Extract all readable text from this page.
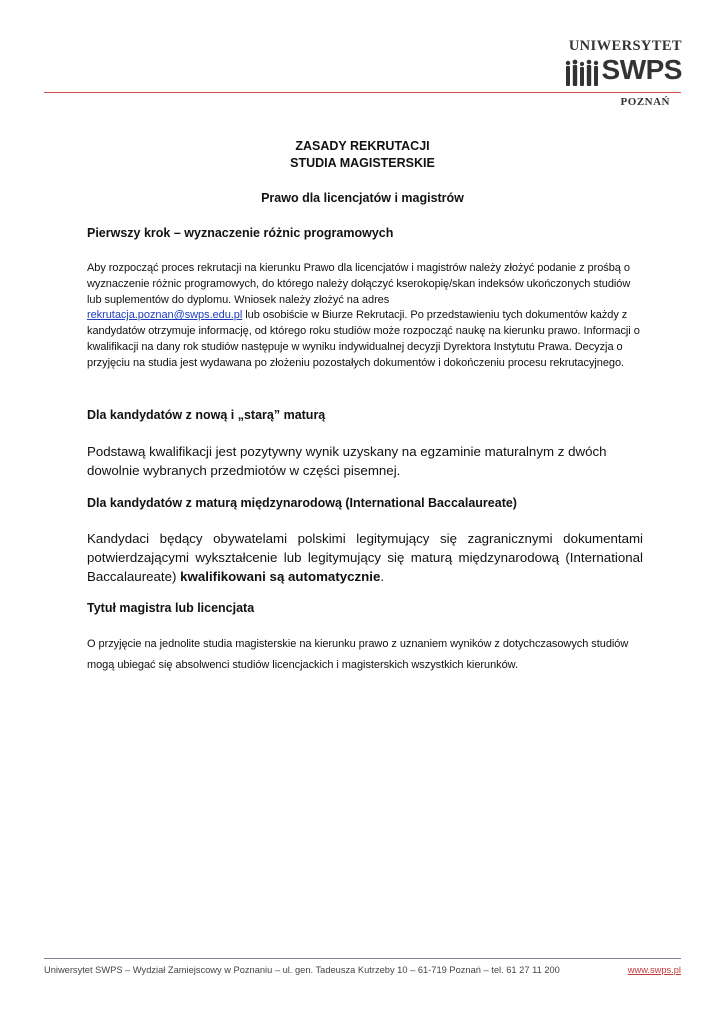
UNIWERSYTET
SWPS
POZNAŃ
ZASADY REKRUTACJI
STUDIA MAGISTERSKIE
Prawo dla licencjatów i magistrów
Pierwszy krok – wyznaczenie różnic programowych
Aby rozpocząć proces rekrutacji na kierunku Prawo dla licencjatów i magistrów należy złożyć podanie z prośbą o wyznaczenie różnic programowych, do którego należy dołączyć kserokopię/skan indeksów ukończonych studiów lub suplementów do dyplomu. Wniosek należy złożyć na adres
rekrutacja.poznan@swps.edu.pl lub osobiście w Biurze Rekrutacji. Po przedstawieniu tych dokumentów każdy z kandydatów otrzymuje informację, od którego roku studiów może rozpocząć naukę na kierunku prawo. Informacji o kwalifikacji na dany rok studiów następuje w wyniku indywidualnej decyzji Dyrektora Instytutu Prawa. Decyzja o przyjęciu na studia jest wydawana po złożeniu pozostałych dokumentów i dokończeniu procesu rekrutacyjnego.
Dla kandydatów z nową i „starą” maturą
Podstawą kwalifikacji jest pozytywny wynik uzyskany na egzaminie maturalnym z dwóch dowolnie wybranych przedmiotów w części pisemnej.
Dla kandydatów z maturą międzynarodową (International Baccalaureate)
Kandydaci będący obywatelami polskimi legitymujący się zagranicznymi dokumentami potwierdzającymi wykształcenie lub legitymujący się maturą międzynarodową (International Baccalaureate) kwalifikowani są automatycznie.
Tytuł magistra lub licencjata
O przyjęcie na jednolite studia magisterskie na kierunku prawo z uznaniem wyników z dotychczasowych studiów mogą ubiegać się absolwenci studiów licencjackich i magisterskich wszystkich kierunków.
Uniwersytet SWPS – Wydział Zamiejscowy w Poznaniu – ul. gen. Tadeusza Kutrzeby 10 – 61-719 Poznań – tel. 61 27 11 200	www.swps.pl
